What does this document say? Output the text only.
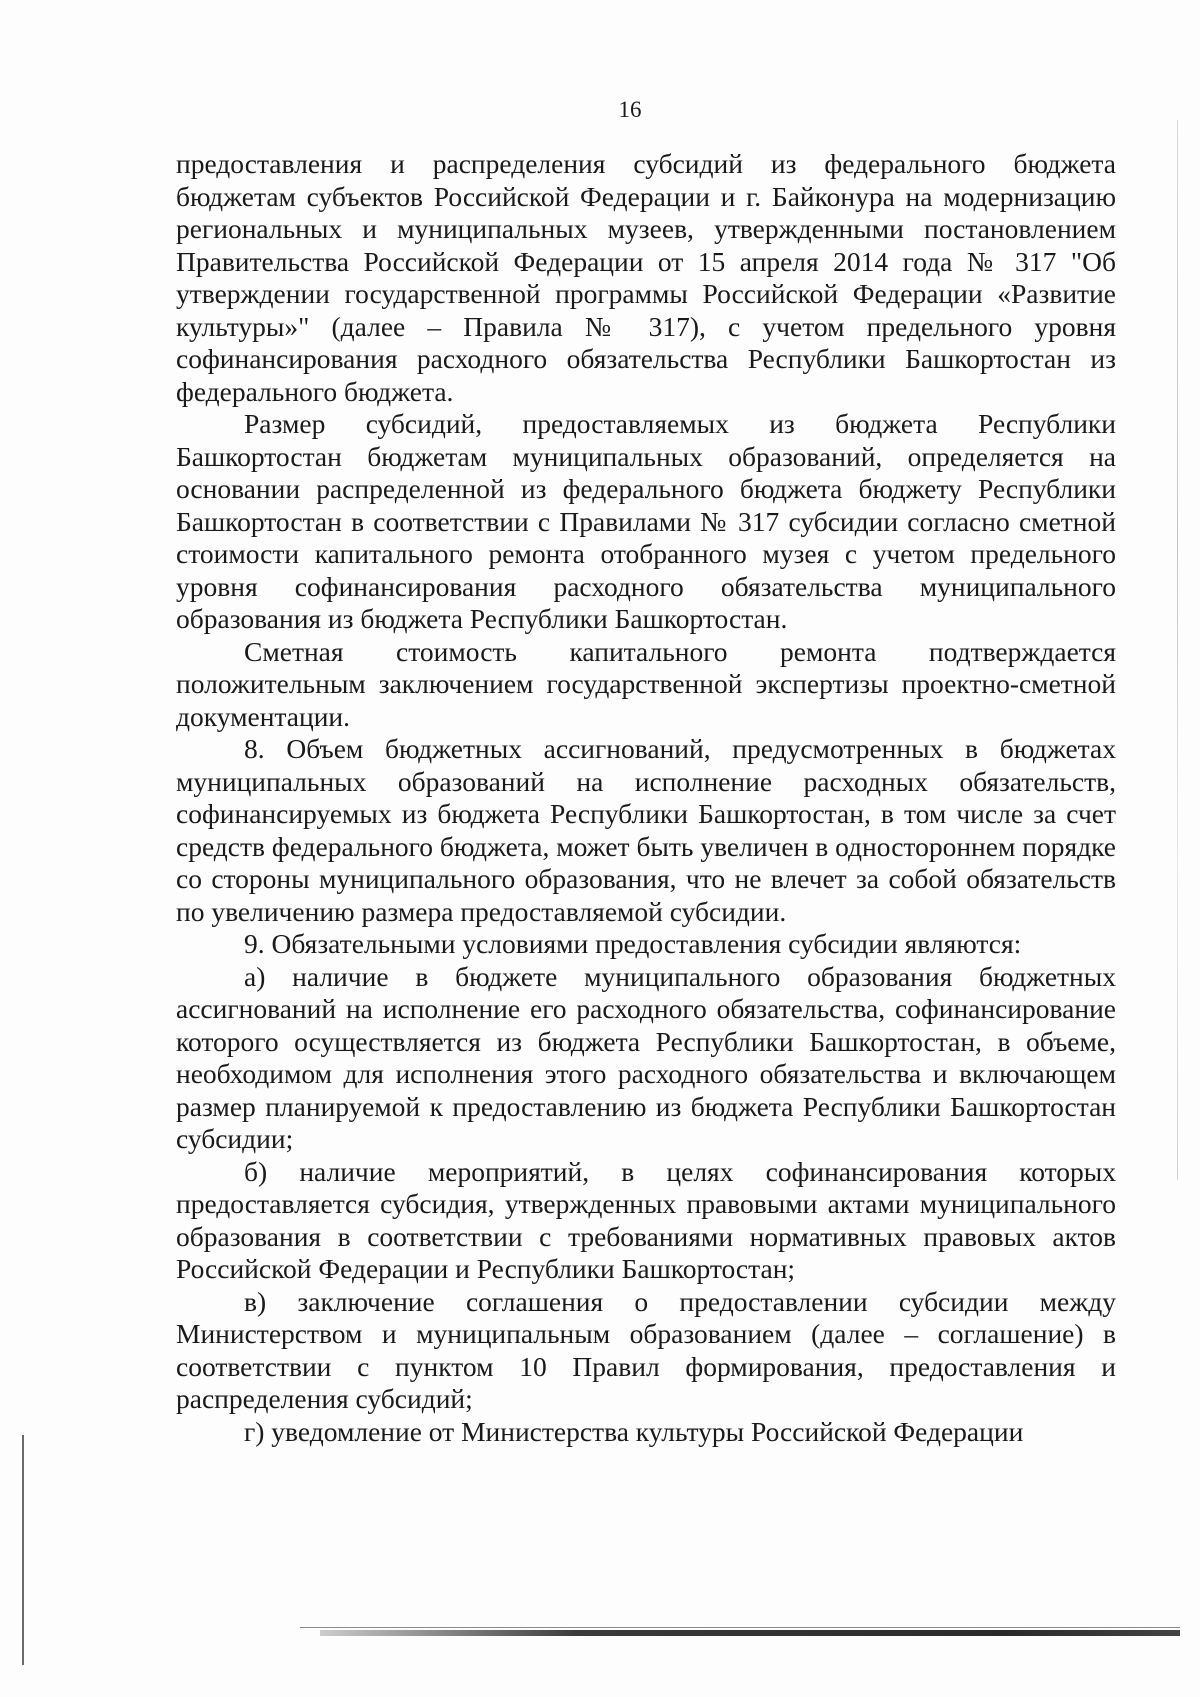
16

предоставления и распределения субсидий из федерального бюджета бюджетам субъектов Российской Федерации и г. Байконура на модернизацию региональных и муниципальных музеев, утвержденными постановлением Правительства Российской Федерации от 15 апреля 2014 года № 317 "Об утверждении государственной программы Российской Федерации «Развитие культуры»" (далее – Правила № 317), с учетом предельного уровня софинансирования расходного обязательства Республики Башкортостан из федерального бюджета.

Размер субсидий, предоставляемых из бюджета Республики Башкортостан бюджетам муниципальных образований, определяется на основании распределенной из федерального бюджета бюджету Республики Башкортостан в соответствии с Правилами № 317 субсидии согласно сметной стоимости капитального ремонта отобранного музея с учетом предельного уровня софинансирования расходного обязательства муниципального образования из бюджета Республики Башкортостан.

Сметная стоимость капитального ремонта подтверждается положительным заключением государственной экспертизы проектно-сметной документации.

8. Объем бюджетных ассигнований, предусмотренных в бюджетах муниципальных образований на исполнение расходных обязательств, софинансируемых из бюджета Республики Башкортостан, в том числе за счет средств федерального бюджета, может быть увеличен в одностороннем порядке со стороны муниципального образования, что не влечет за собой обязательств по увеличению размера предоставляемой субсидии.

9. Обязательными условиями предоставления субсидии являются:

а) наличие в бюджете муниципального образования бюджетных ассигнований на исполнение его расходного обязательства, софинансирование которого осуществляется из бюджета Республики Башкортостан, в объеме, необходимом для исполнения этого расходного обязательства и включающем размер планируемой к предоставлению из бюджета Республики Башкортостан субсидии;

б) наличие мероприятий, в целях софинансирования которых предоставляется субсидия, утвержденных правовыми актами муниципального образования в соответствии с требованиями нормативных правовых актов Российской Федерации и Республики Башкортостан;

в) заключение соглашения о предоставлении субсидии между Министерством и муниципальным образованием (далее – соглашение) в соответствии с пунктом 10 Правил формирования, предоставления и распределения субсидий;

г) уведомление от Министерства культуры Российской Федерации
